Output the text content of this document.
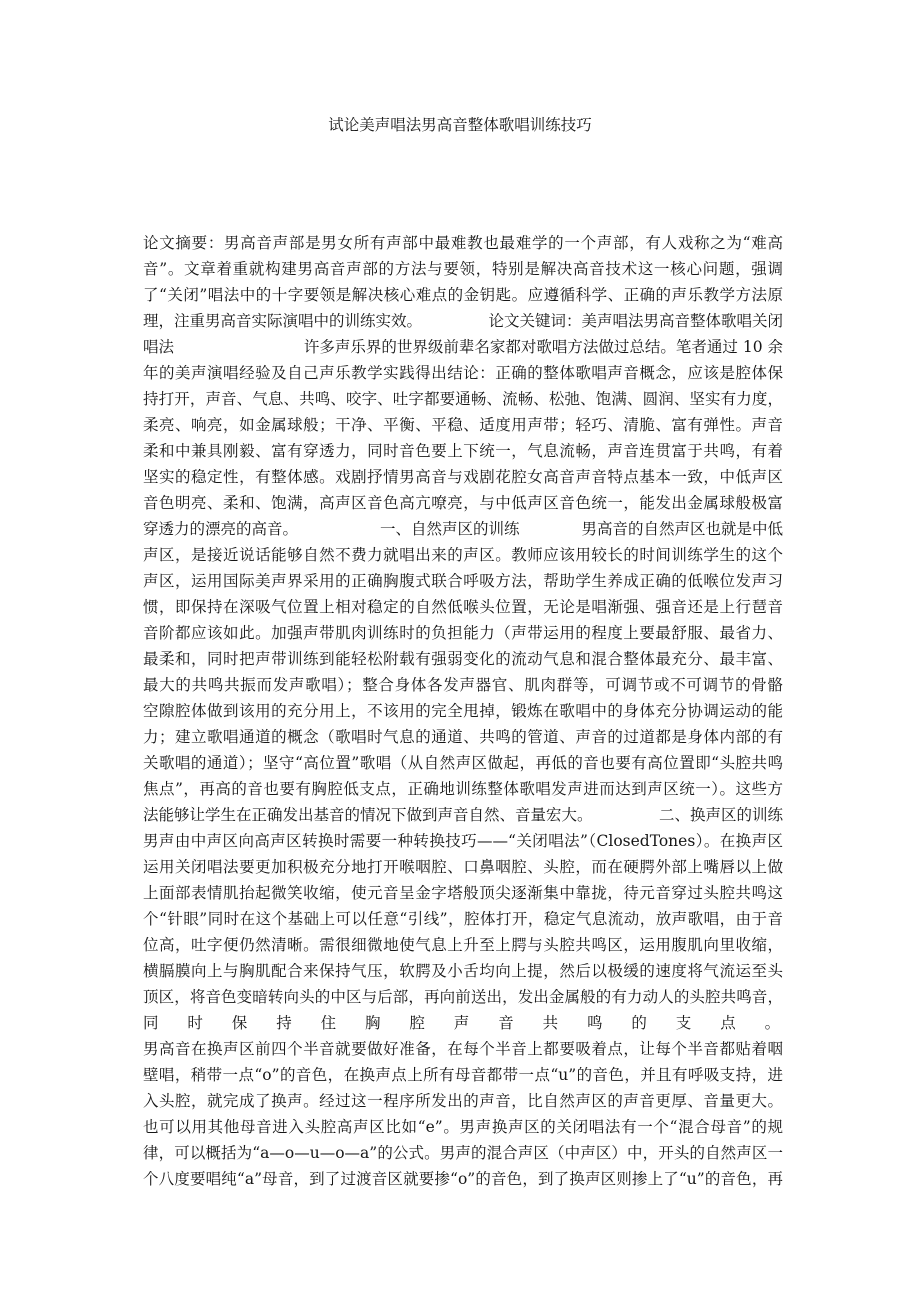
试论美声唱法男高音整体歌唱训练技巧
论文摘要：男高音声部是男女所有声部中最难教也最难学的一个声部，有人戏称之为“难高
音”。文章着重就构建男高音声部的方法与要领，特别是解决高音技术这一核心问题，强调
了“关闭”唱法中的十字要领是解决核心难点的金钥匙。应遵循科学、正确的声乐教学方法原
理，注重男高音实际演唱中的训练实效。	论文关键词：美声唱法男高音整体歌唱关闭
唱法	许多声乐界的世界级前辈名家都对歌唱方法做过总结。笔者通过 10 余
年的美声演唱经验及自己声乐教学实践得出结论：正确的整体歌唱声音概念，应该是腔体保
持打开，声音、气息、共鸣、咬字、吐字都要通畅、流畅、松弛、饱满、圆润、坚实有力度，
柔亮、响亮，如金属球般；干净、平衡、平稳、适度用声带；轻巧、清脆、富有弹性。声音
柔和中兼具刚毅、富有穿透力，同时音色要上下统一，气息流畅，声音连贯富于共鸣，有着
坚实的稳定性，有整体感。戏剧抒情男高音与戏剧花腔女高音声音特点基本一致，中低声区
音色明亮、柔和、饱满，高声区音色高亢嘹亮，与中低声区音色统一，能发出金属球般极富
穿透力的漂亮的高音。	一、自然声区的训练	男高音的自然声区也就是中低
声区，是接近说话能够自然不费力就唱出来的声区。教师应该用较长的时间训练学生的这个
声区，运用国际美声界采用的正确胸腹式联合呼吸方法，帮助学生养成正确的低喉位发声习
惯，即保持在深吸气位置上相对稳定的自然低喉头位置，无论是唱渐强、强音还是上行琶音
音阶都应该如此。加强声带肌肉训练时的负担能力（声带运用的程度上要最舒服、最省力、
最柔和，同时把声带训练到能轻松附载有强弱变化的流动气息和混合整体最充分、最丰富、
最大的共鸣共振而发声歌唱）；整合身体各发声器官、肌肉群等，可调节或不可调节的骨骼
空隙腔体做到该用的充分用上，不该用的完全甩掉，锻炼在歌唱中的身体充分协调运动的能
力；建立歌唱通道的概念（歌唱时气息的通道、共鸣的管道、声音的过道都是身体内部的有
关歌唱的通道）；坚守“高位置”歌唱（从自然声区做起，再低的音也要有高位置即“头腔共鸣
焦点”，再高的音也要有胸腔低支点，正确地训练整体歌唱发声进而达到声区统一）。这些方
法能够让学生在正确发出基音的情况下做到声音自然、音量宏大。	二、换声区的训练
男声由中声区向高声区转换时需要一种转换技巧——“关闭唱法”（ClosedTones）。在换声区
运用关闭唱法要更加积极充分地打开喉咽腔、口鼻咽腔、头腔，而在硬腭外部上嘴唇以上做
上面部表情肌抬起微笑收缩，使元音呈金字塔般顶尖逐渐集中靠拢，待元音穿过头腔共鸣这
个“针眼”同时在这个基础上可以任意“引线”，腔体打开，稳定气息流动，放声歌唱，由于音
位高，吐字便仍然清晰。需很细微地使气息上升至上腭与头腔共鸣区，运用腹肌向里收缩，
横膈膜向上与胸肌配合来保持气压，软腭及小舌均向上提，然后以极缓的速度将气流运至头
顶区，将音色变暗转向头的中区与后部，再向前送出，发出金属般的有力动人的头腔共鸣音，
同时保持住胸腔声音共鸣的支点。
男高音在换声区前四个半音就要做好准备，在每个半音上都要吸着点，让每个半音都贴着咽
壁唱，稍带一点“o”的音色，在换声点上所有母音都带一点“u”的音色，并且有呼吸支持，进
入头腔，就完成了换声。经过这一程序所发出的声音，比自然声区的声音更厚、音量更大。
也可以用其他母音进入头腔高声区比如“e”。男声换声区的关闭唱法有一个“混合母音”的规
律，可以概括为“a—o—u—o—a”的公式。男声的混合声区（中声区）中，开头的自然声区一
个八度要唱纯“a”母音，到了过渡音区就要掺“o”的音色，到了换声区则掺上了“u”的音色，再
